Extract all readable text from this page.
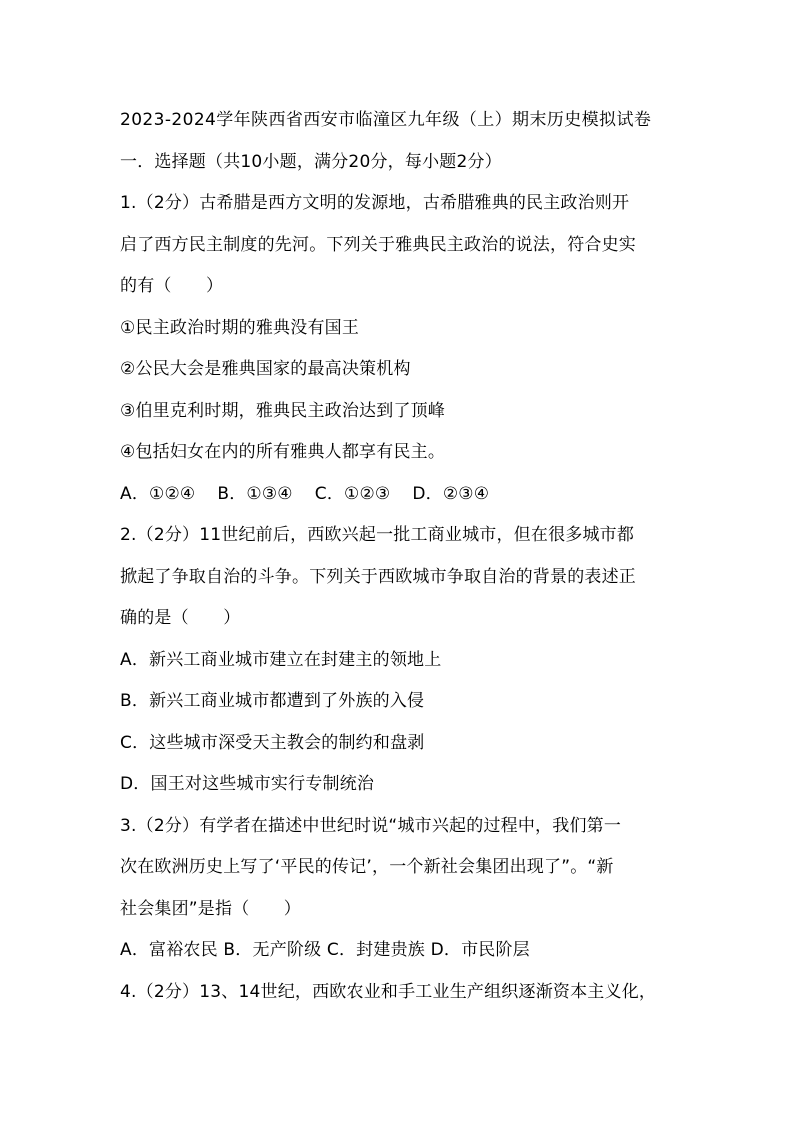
2023-2024学年陕西省西安市临潼区九年级（上）期末历史模拟试卷
一．选择题（共10小题，满分20分，每小题2分）
1.（2分）古希腊是西方文明的发源地，古希腊雅典的民主政治则开
启了西方民主制度的先河。下列关于雅典民主政治的说法，符合史实
的有（　　）
①民主政治时期的雅典没有国王
②公民大会是雅典国家的最高决策机构
③伯里克利时期，雅典民主政治达到了顶峰
④包括妇女在内的所有雅典人都享有民主。
A．①②④ B．①③④ C．①②③ D．②③④
2.（2分）11世纪前后，西欧兴起一批工商业城市，但在很多城市都
掀起了争取自治的斗争。下列关于西欧城市争取自治的背景的表述正
确的是（　　）
A．新兴工商业城市建立在封建主的领地上
B．新兴工商业城市都遭到了外族的入侵
C．这些城市深受天主教会的制约和盘剥
D．国王对这些城市实行专制统治
3.（2分）有学者在描述中世纪时说“城市兴起的过程中，我们第一
次在欧洲历史上写了‘平民的传记’，一个新社会集团出现了”。“新
社会集团”是指（　　）
A．富裕农民 B．无产阶级 C．封建贵族 D．市民阶层
4.（2分）13、14世纪，西欧农业和手工业生产组织逐渐资本主义化，
